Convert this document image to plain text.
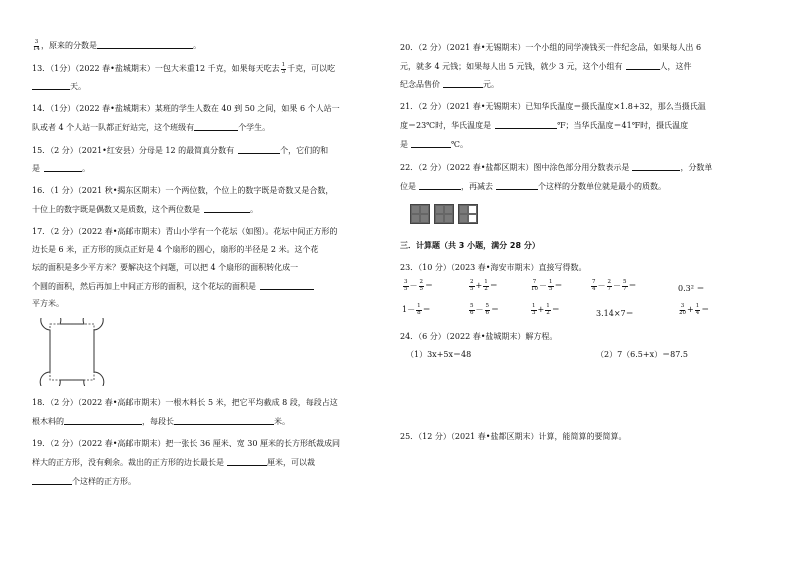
$\frac{3}{14}$ ，原来的分数是	。
13．（1分）（2022 春•盐城期末）一包大米重12 千克，如果每天吃去 $\frac{1}{3}$ 千克，可以吃
天。
14．（1分）（2022 春•盐城期末）某班的学生人数在 40 到 50 之间，如果 6 个人站一
队或者 4 个人站一队都正好站完，这个班级有	个学生。
15．（2 分）（2021•红安县）分母是 12 的最简真分数有	个，它们的和
是	。
16．（1 分）（2021 秋•揭东区期末）一个两位数，个位上的数字既是奇数又是合数，
十位上的数字既是偶数又是质数，这个两位数是	。
17．（2 分）（2022 春•高邮市期末）青山小学有一个花坛（如图）。花坛中间正方形的
边长是 6 米，正方形的顶点正好是 4 个扇形的圆心，扇形的半径是 2 米。这个花
坛的面积是多少平方米？要解决这个问题，可以把 4 个扇形的面积转化成一
个圆的面积，然后再加上中间正方形的面积，这个花坛的面积是
平方米。
18．（2 分）（2022 春•高邮市期末）一根木料长 5 米，把它平均截成 8 段，每段占这
根木料的	，每段长	米。
19．（2 分）（2022 春•高邮市期末）把一张长 36 厘米、宽 30 厘米的长方形纸裁成同
样大的正方形，没有剩余。裁出的正方形的边长最长是	厘米，可以裁
个这样的正方形。
20．（2 分）（2021 春•无锡期末）一个小组的同学凑钱买一件纪念品，如果每人出 6
元，就多 4 元钱；如果每人出 5 元钱，就少 3 元，这个小组有	人，这件
纪念品售价	元。
21．（2 分）（2021 春•无锡期末）已知华氏温度＝摄氏温度×1.8+32，那么当摄氏温
度＝23℃时，华氏温度是	℉；当华氏温度＝41℉时，摄氏温度
是	℃。
22．（2 分）（2022 春•盐都区期末）图中涂色部分用分数表示是	，分数单
位是	，再减去	个这样的分数单位就是最小的质数。
三．计算题（共 3 小题，满分 28 分）
23．（10 分）（2023 春•海安市期末）直接写得数。
$\frac{3}{5} - \frac{2}{5}$ ＝	$\frac{2}{5} + \frac{1}{2}$ ＝	$\frac{7}{10} - \frac{1}{5}$ ＝	$\frac{7}{4} - \frac{2}{7} - \frac{5}{7}$ ＝	0.3² ＝
$1- \frac{1}{8}$ ＝	$\frac{5}{6} - \frac{5}{6}$ ＝	$\frac{1}{3} + \frac{1}{2}$ ＝	3.14×7＝	$\frac{3}{20} + \frac{1}{4}$ ＝
24．（6 分）（2022 春•盐城期末）解方程。
（1）3x+5x＝48	（2）7（6.5+x）＝87.5
25．（12 分）（2021 春•盐都区期末）计算，能简算的要简算。
